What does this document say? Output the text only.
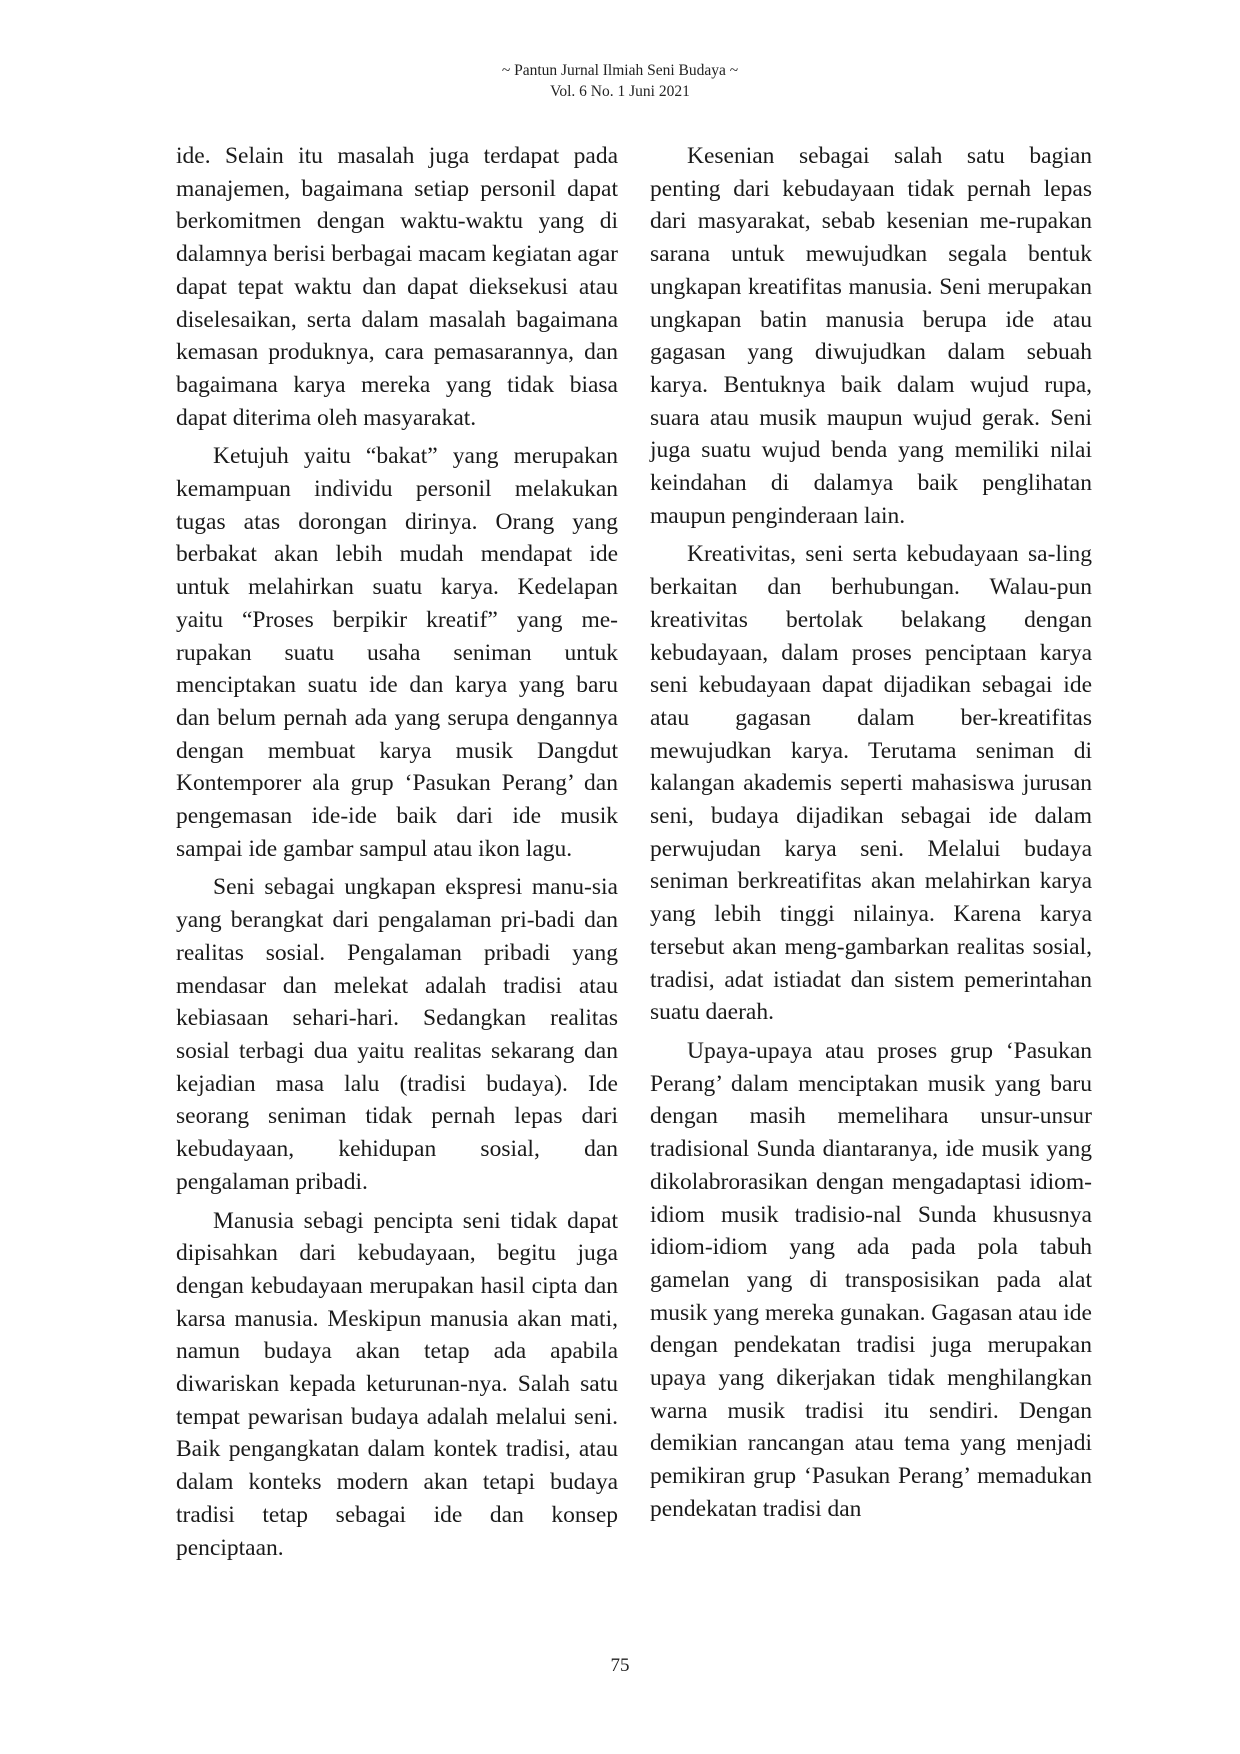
~ Pantun Jurnal Ilmiah Seni Budaya ~
Vol. 6 No. 1 Juni 2021

ide. Selain itu masalah juga terdapat pada manajemen, bagaimana setiap personil dapat berkomitmen dengan waktu-waktu yang di dalamnya berisi berbagai macam kegiatan agar dapat tepat waktu dan dapat dieksekusi atau diselesaikan, serta dalam masalah bagaimana kemasan produknya, cara pemasarannya, dan bagaimana karya mereka yang tidak biasa dapat diterima oleh masyarakat.

Ketujuh yaitu “bakat” yang merupakan kemampuan individu personil melakukan tugas atas dorongan dirinya. Orang yang berbakat akan lebih mudah mendapat ide untuk melahirkan suatu karya. Kedelapan yaitu “Proses berpikir kreatif” yang me-rupakan suatu usaha seniman untuk menciptakan suatu ide dan karya yang baru dan belum pernah ada yang serupa dengannya dengan membuat karya musik Dangdut Kontemporer ala grup ‘Pasukan Perang’ dan pengemasan ide-ide baik dari ide musik sampai ide gambar sampul atau ikon lagu.

Seni sebagai ungkapan ekspresi manu-sia yang berangkat dari pengalaman pri-badi dan realitas sosial. Pengalaman pribadi yang mendasar dan melekat adalah tradisi atau kebiasaan sehari-hari. Sedangkan realitas sosial terbagi dua yaitu realitas sekarang dan kejadian masa lalu (tradisi budaya). Ide seorang seniman tidak pernah lepas dari kebudayaan, kehidupan sosial, dan pengalaman pribadi.

Manusia sebagi pencipta seni tidak dapat dipisahkan dari kebudayaan, begitu juga dengan kebudayaan merupakan hasil cipta dan karsa manusia. Meskipun manusia akan mati, namun budaya akan tetap ada apabila diwariskan kepada keturunan-nya. Salah satu tempat pewarisan budaya adalah melalui seni. Baik pengangkatan dalam kontek tradisi, atau dalam konteks modern akan tetapi budaya tradisi tetap sebagai ide dan konsep penciptaan.

Kesenian sebagai salah satu bagian penting dari kebudayaan tidak pernah lepas dari masyarakat, sebab kesenian me-rupakan sarana untuk mewujudkan segala bentuk ungkapan kreatifitas manusia. Seni merupakan ungkapan batin manusia berupa ide atau gagasan yang diwujudkan dalam sebuah karya. Bentuknya baik dalam wujud rupa, suara atau musik maupun wujud gerak. Seni juga suatu wujud benda yang memiliki nilai keindahan di dalamya baik penglihatan maupun penginderaan lain.

Kreativitas, seni serta kebudayaan sa-ling berkaitan dan berhubungan. Walau-pun kreativitas bertolak belakang dengan kebudayaan, dalam proses penciptaan karya seni kebudayaan dapat dijadikan sebagai ide atau gagasan dalam ber-kreatifitas mewujudkan karya. Terutama seniman di kalangan akademis seperti mahasiswa jurusan seni, budaya dijadikan sebagai ide dalam perwujudan karya seni. Melalui budaya seniman berkreatifitas akan melahirkan karya yang lebih tinggi nilainya. Karena karya tersebut akan meng-gambarkan realitas sosial, tradisi, adat istiadat dan sistem pemerintahan suatu daerah.

Upaya-upaya atau proses grup ‘Pasukan Perang’ dalam menciptakan musik yang baru dengan masih memelihara unsur-unsur tradisional Sunda diantaranya, ide musik yang dikolabrorasikan dengan mengadaptasi idiom-idiom musik tradisio-nal Sunda khususnya idiom-idiom yang ada pada pola tabuh gamelan yang di transposisikan pada alat musik yang mereka gunakan. Gagasan atau ide dengan pendekatan tradisi juga merupakan upaya yang dikerjakan tidak menghilangkan warna musik tradisi itu sendiri. Dengan demikian rancangan atau tema yang menjadi pemikiran grup ‘Pasukan Perang’ memadukan pendekatan tradisi dan

75
